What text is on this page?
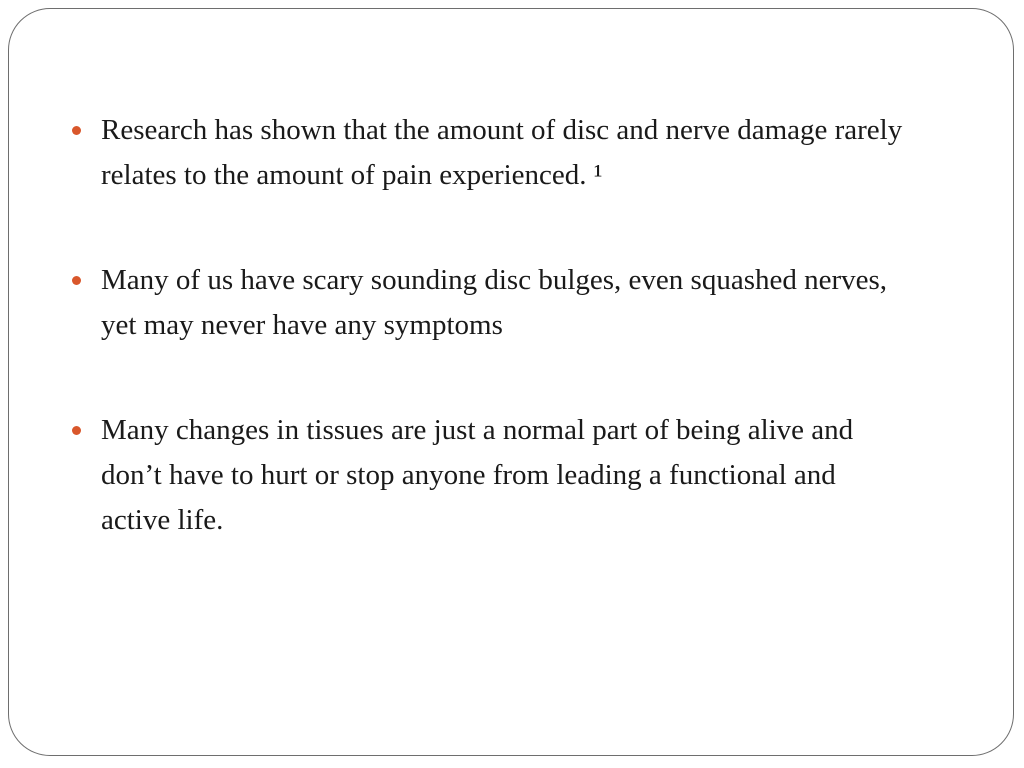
Research has shown that the amount of disc and nerve damage rarely
relates to the amount of pain experienced. ¹
Many of us have scary sounding disc bulges, even squashed nerves,
yet may never have any symptoms
Many changes in tissues are just a normal part of being alive and
don’t have to hurt or stop anyone from leading a functional and
active life.
